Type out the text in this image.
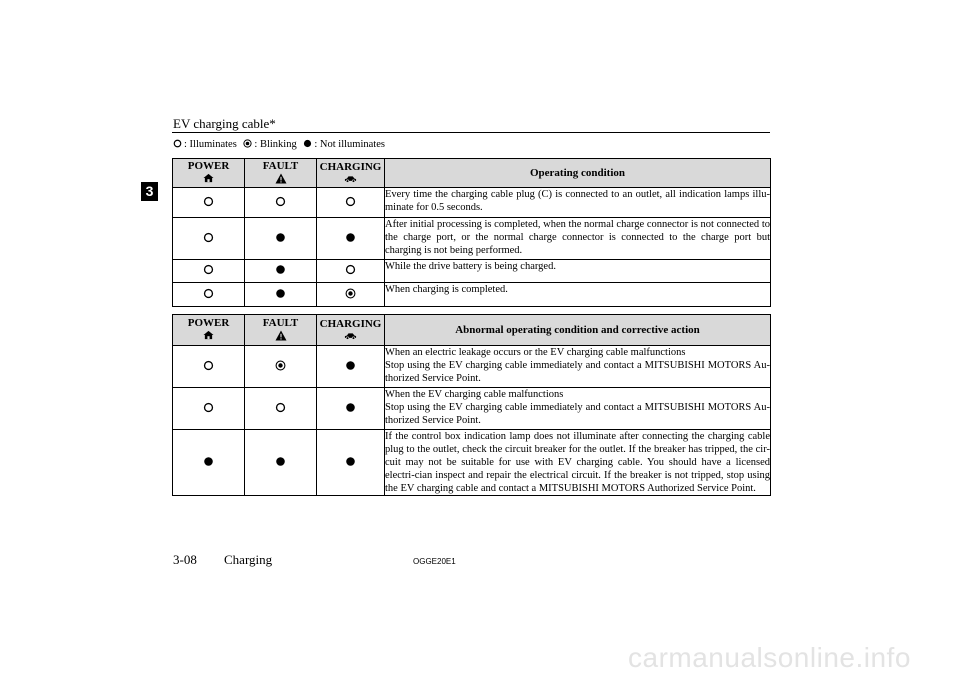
EV charging cable*
3
: Illuminates : Blinking : Not illuminates
POWER	FAULT	CHARGING	Operating condition
			Every time the charging cable plug (C) is connected to an outlet, all indication lamps illu-minate for 0.5 seconds.
			After initial processing is completed, when the normal charge connector is not connected to the charge port, or the normal charge connector is connected to the charge port but charging is not being performed.
			While the drive battery is being charged.
			When charging is completed.
POWER	FAULT	CHARGING	Abnormal operating condition and corrective action
			When an electric leakage occurs or the EV charging cable malfunctions
Stop using the EV charging cable immediately and contact a MITSUBISHI MOTORS Au-thorized Service Point.
			When the EV charging cable malfunctions
Stop using the EV charging cable immediately and contact a MITSUBISHI MOTORS Au-thorized Service Point.
			If the control box indication lamp does not illuminate after connecting the charging cable plug to the outlet, check the circuit breaker for the outlet. If the breaker has tripped, the cir-cuit may not be suitable for use with EV charging cable. You should have a licensed electri-cian inspect and repair the electrical circuit. If the breaker is not tripped, stop using the EV charging cable and contact a MITSUBISHI MOTORS Authorized Service Point.
3-08 Charging	OGGE20E1
carmanualsonline.info
